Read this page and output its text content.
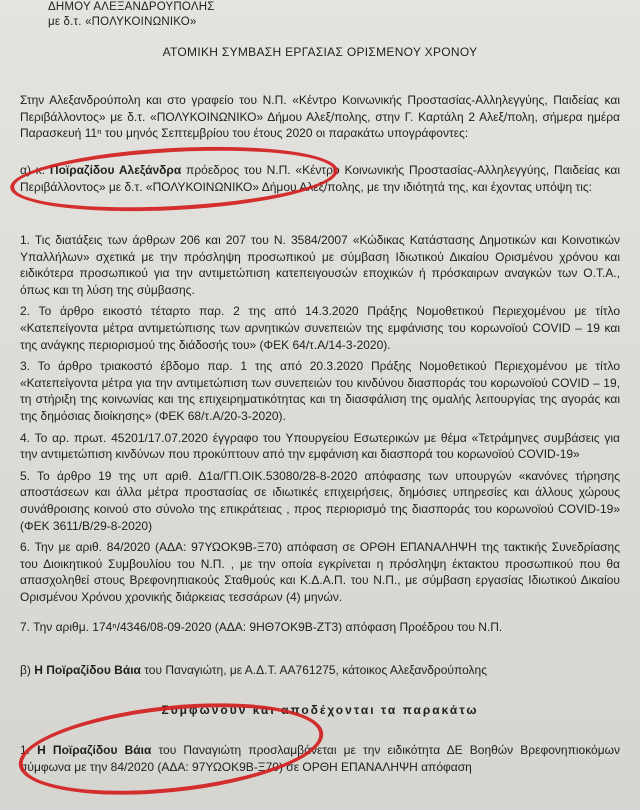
ΔΗΜΟΥ ΑΛΕΞΑΝΔΡΟΥΠΟΛΗΣ
με δ.τ. «ΠΟΛΥΚΟΙΝΩΝΙΚΟ»
ΑΤΟΜΙΚΗ ΣΥΜΒΑΣΗ ΕΡΓΑΣΙΑΣ ΟΡΙΣΜΕΝΟΥ ΧΡΟΝΟΥ

Στην Αλεξανδρούπολη και στο γραφείο του Ν.Π. «Κέντρο Κοινωνικής Προστασίας-Αλληλεγγύης, Παιδείας και Περιβάλλοντος» με δ.τ. «ΠΟΛΥΚΟΙΝΩΝΙΚΟ» Δήμου Αλεξ/πολης, στην Γ. Καρτάλη 2 Αλεξ/πολη, σήμερα ημέρα Παρασκευή 11ⁿ του μηνός Σεπτεμβρίου του έτους 2020 οι παρακάτω υπογράφοντες:

α) κ. Ποϊραζίδου Αλεξάνδρα πρόεδρος του Ν.Π. «Κέντρο Κοινωνικής Προστασίας-Αλληλεγγύης, Παιδείας και Περιβάλλοντος» με δ.τ. «ΠΟΛΥΚΟΙΝΩΝΙΚΟ» Δήμου Αλεξ/πολης, με την ιδιότητά της, και έχοντας υπόψη τις:

1. Τις διατάξεις των άρθρων 206 και 207 του Ν. 3584/2007 «Κώδικας Κατάστασης Δημοτικών και Κοινοτικών Υπαλλήλων» σχετικά με την πρόσληψη προσωπικού με σύμβαση Ιδιωτικού Δικαίου Ορισμένου χρόνου και ειδικότερα προσωπικού για την αντιμετώπιση κατεπειγουσών εποχικών ή πρόσκαιρων αναγκών των Ο.Τ.Α., όπως και τη λύση της σύμβασης.

2. Το άρθρο εικοστό τέταρτο παρ. 2 της από 14.3.2020 Πράξης Νομοθετικού Περιεχομένου με τίτλο «Κατεπείγοντα μέτρα αντιμετώπισης των αρνητικών συνεπειών της εμφάνισης του κορωνοϊού COVID – 19 και της ανάγκης περιορισμού της διάδοσής του» (ΦΕΚ 64/τ.Α/14-3-2020).

3. Το άρθρο τριακοστό έβδομο παρ. 1 της από 20.3.2020 Πράξης Νομοθετικού Περιεχομένου με τίτλο «Κατεπείγοντα μέτρα για την αντιμετώπιση των συνεπειών του κινδύνου διασποράς του κορωνοϊού COVID – 19, τη στήριξη της κοινωνίας και της επιχειρηματικότητας και τη διασφάλιση της ομαλής λειτουργίας της αγοράς και της δημόσιας διοίκησης» (ΦΕΚ 68/τ.Α/20-3-2020).

4. Το αρ. πρωτ. 45201/17.07.2020 έγγραφο του Υπουργείου Εσωτερικών με θέμα «Τετράμηνες συμβάσεις για την αντιμετώπιση κινδύνων που προκύπτουν από την εμφάνιση και διασπορά του κορωνοϊού COVID-19»

5. Το άρθρο 19 της υπ αριθ. Δ1α/ΓΠ.ΟΙΚ.53080/28-8-2020 απόφασης των υπουργών «κανόνες τήρησης αποστάσεων και άλλα μέτρα προστασίας σε ιδιωτικές επιχειρήσεις, δημόσιες υπηρεσίες και άλλους χώρους συνάθροισης κοινού στο σύνολο της επικράτειας , προς περιορισμό της διασποράς του κορωνοϊού COVID-19» (ΦΕΚ 3611/Β/29-8-2020)

6. Την με αριθ. 84/2020 (ΑΔΑ: 97ΥΩΟΚ9Β-Ξ70) απόφαση σε ΟΡΘΗ ΕΠΑΝΑΛΗΨΗ της τακτικής Συνεδρίασης του Διοικητικού Συμβουλίου του Ν.Π. , με την οποία εγκρίνεται η πρόσληψη έκτακτου προσωπικού που θα απασχοληθεί στους Βρεφονηπιακούς Σταθμούς και Κ.Δ.Α.Π. του Ν.Π., με σύμβαση εργασίας Ιδιωτικού Δικαίου Ορισμένου Χρόνου χρονικής διάρκειας τεσσάρων (4) μηνών.

7. Την αριθμ. 174ⁿ/4346/08-09-2020 (ΑΔΑ: 9ΗΘ7ΟΚ9Β-ΖΤ3) απόφαση Προέδρου του Ν.Π.

β) Η Ποϊραζίδου Βάια του Παναγιώτη, με Α.Δ.Τ. ΑΑ761275, κάτοικος Αλεξανδρούπολης

Συμφωνούν και αποδέχονται τα παρακάτω

1. Η Ποϊραζίδου Βάια του Παναγιώτη προσλαμβάνεται με την ειδικότητα ΔΕ Βοηθών Βρεφονηπιοκόμων σύμφωνα με την 84/2020 (ΑΔΑ: 97ΥΩΟΚ9Β-Ξ70) σε ΟΡΘΗ ΕΠΑΝΑΛΗΨΗ απόφαση
